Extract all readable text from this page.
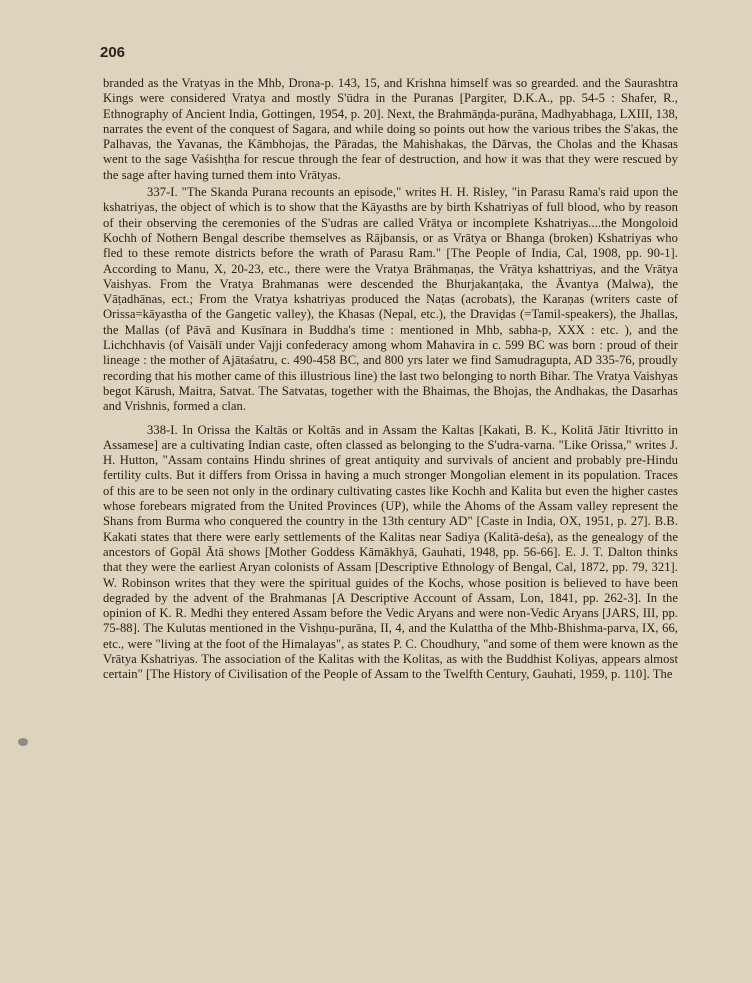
206

branded as the Vratyas in the Mhb, Drona-p. 143, 15, and Krishna himself was so grearded. and the Saurashtra Kings were considered Vratya and mostly S'ūdra in the Puranas [Pargiter, D.K.A., pp. 54-5 : Shafer, R., Ethnography of Ancient India, Gottingen, 1954, p. 20]. Next, the Brahmāṇḍa-purāna, Madhyabhaga, LXIII, 138, narrates the event of the conquest of Sagara, and while doing so points out how the various tribes the S'akas, the Palhavas, the Yavanas, the Kāmbhojas, the Pāradas, the Mahishakas, the Dārvas, the Cholas and the Khasas went to the sage Vaśishṭha for rescue through the fear of destruction, and how it was that they were rescued by the sage after having turned them into Vrātyas.

337-I. "The Skanda Purana recounts an episode," writes H. H. Risley, "in Parasu Rama's raid upon the kshatriyas, the object of which is to show that the Kāyasths are by birth Kshatriyas of full blood, who by reason of their observing the ceremonies of the S'udras are called Vrātya or incomplete Kshatriyas....the Mongoloid Kochh of Nothern Bengal describe themselves as Rājbansis, or as Vrātya or Bhanga (broken) Kshatriyas who fled to these remote districts before the wrath of Parasu Ram." [The People of India, Cal, 1908, pp. 90-1]. According to Manu, X, 20-23, etc., there were the Vratya Brāhmaṇas, the Vrātya kshattriyas, and the Vrātya Vaishyas. From the Vratya Brahmanas were descended the Bhurjakanṭaka, the Āvantya (Malwa), the Vāṭadhānas, ect.; From the Vratya kshatriyas produced the Naṭas (acrobats), the Karaṇas (writers caste of Orissa=kāyastha of the Gangetic valley), the Khasas (Nepal, etc.), the Draviḍas (=Tamil-speakers), the Jhallas, the Mallas (of Pāvā and Kusīnara in Buddha's time : mentioned in Mhb, sabha-p, XXX : etc. ), and the Lichchhavis (of Vaisālī under Vajji confederacy among whom Mahavira in c. 599 BC was born : proud of their lineage : the mother of Ajātaśatru, c. 490-458 BC, and 800 yrs later we find Samudragupta, AD 335-76, proudly recording that his mother came of this illustrious line) the last two belonging to north Bihar. The Vratya Vaishyas begot Kārush, Maitra, Satvat. The Satvatas, together with the Bhaimas, the Bhojas, the Andhakas, the Dasarhas and Vrishnis, formed a clan.

338-I. In Orissa the Kaltās or Koltās and in Assam the Kaltas [Kakati, B. K., Kolitā Jātir Itivritto in Assamese] are a cultivating Indian caste, often classed as belonging to the S'udra-varna. "Like Orissa," writes J. H. Hutton, "Assam contains Hindu shrines of great antiquity and survivals of ancient and probably pre-Hindu fertility cults. But it differs from Orissa in having a much stronger Mongolian element in its population. Traces of this are to be seen not only in the ordinary cultivating castes like Kochh and Kalita but even the higher castes whose forebears migrated from the United Provinces (UP), while the Ahoms of the Assam valley represent the Shans from Burma who conquered the country in the 13th century AD" [Caste in India, OX, 1951, p. 27]. B.B. Kakati states that there were early settlements of the Kalitas near Sadiya (Kalitā-deśa), as the genealogy of the ancestors of Gopāl Ātā shows [Mother Goddess Kāmākhyā, Gauhati, 1948, pp. 56-66]. E. J. T. Dalton thinks that they were the earliest Aryan colonists of Assam [Descriptive Ethnology of Bengal, Cal, 1872, pp. 79, 321]. W. Robinson writes that they were the spiritual guides of the Kochs, whose position is believed to have been degraded by the advent of the Brahmanas [A Descriptive Account of Assam, Lon, 1841, pp. 262-3]. In the opinion of K. R. Medhi they entered Assam before the Vedic Aryans and were non-Vedic Aryans [JARS, III, pp. 75-88]. The Kulutas mentioned in the Vishṇu-purāna, II, 4, and the Kulattha of the Mhb-Bhishma-parva, IX, 66, etc., were "living at the foot of the Himalayas", as states P. C. Choudhury, "and some of them were known as the Vrātya Kshatriyas. The association of the Kalitas with the Kolitas, as with the Buddhist Koliyas, appears almost certain" [The History of Civilisation of the People of Assam to the Twelfth Century, Gauhati, 1959, p. 110]. The
